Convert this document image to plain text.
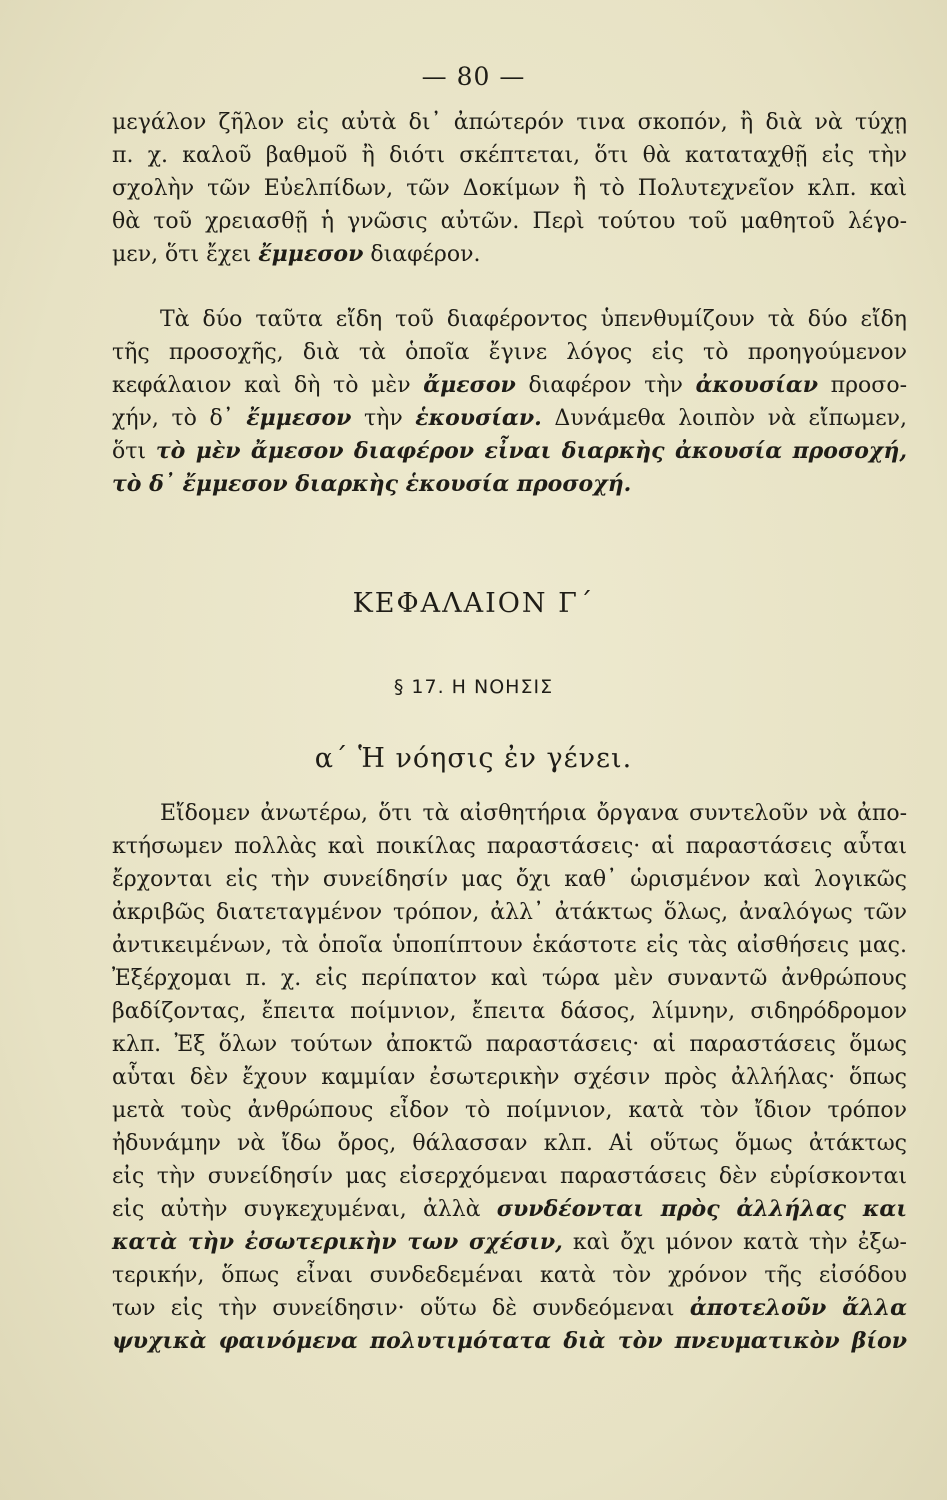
— 80 —
μεγάλον ζῆλον εἰς αὐτὰ δι᾽ ἀπώτερόν τινα σκοπόν, ἢ διὰ νὰ τύχῃ
π. χ. καλοῦ βαθμοῦ ἢ διότι σκέπτεται, ὅτι θὰ καταταχθῇ εἰς τὴν
σχολὴν τῶν Εὐελπίδων, τῶν Δοκίμων ἢ τὸ Πολυτεχνεῖον κλπ. καὶ
θὰ τοῦ χρειασθῇ ἡ γνῶσις αὐτῶν. Περὶ τούτου τοῦ μαθητοῦ λέγο-
μεν, ὅτι ἔχει ἔμμεσον διαφέρον.
Τὰ δύο ταῦτα εἴδη τοῦ διαφέροντος ὑπενθυμίζουν τὰ δύο εἴδη
τῆς προσοχῆς, διὰ τὰ ὁποῖα ἔγινε λόγος εἰς τὸ προηγούμενον
κεφάλαιον καὶ δὴ τὸ μὲν ἄμεσον διαφέρον τὴν ἀκουσίαν προσο-
χήν, τὸ δ᾽ ἔμμεσον τὴν ἑκουσίαν. Δυνάμεθα λοιπὸν νὰ εἴπωμεν,
ὅτι τὸ μὲν ἄμεσον διαφέρον εἶναι διαρκὴς ἀκουσία προσοχή,
τὸ δ᾽ ἔμμεσον διαρκὴς ἑκουσία προσοχή.
ΚΕΦΑΛΑΙΟΝ Γ΄
§ 17. Η ΝΟΗΣΙΣ
α΄ Ἡ νόησις ἐν γένει.
Εἴδομεν ἀνωτέρω, ὅτι τὰ αἰσθητήρια ὄργανα συντελοῦν νὰ ἀπο-
κτήσωμεν πολλὰς καὶ ποικίλας παραστάσεις· αἱ παραστάσεις αὗται
ἔρχονται εἰς τὴν συνείδησίν μας ὄχι καθ᾽ ὡρισμένον καὶ λογικῶς
ἀκριβῶς διατεταγμένον τρόπον, ἀλλ᾽ ἀτάκτως ὅλως, ἀναλόγως τῶν
ἀντικειμένων, τὰ ὁποῖα ὑποπίπτουν ἑκάστοτε εἰς τὰς αἰσθήσεις μας.
Ἐξέρχομαι π. χ. εἰς περίπατον καὶ τώρα μὲν συναντῶ ἀνθρώπους
βαδίζοντας, ἔπειτα ποίμνιον, ἔπειτα δάσος, λίμνην, σιδηρόδρομον
κλπ. Ἐξ ὅλων τούτων ἀποκτῶ παραστάσεις· αἱ παραστάσεις ὅμως
αὗται δὲν ἔχουν καμμίαν ἐσωτερικὴν σχέσιν πρὸς ἀλλήλας· ὅπως
μετὰ τοὺς ἀνθρώπους εἶδον τὸ ποίμνιον, κατὰ τὸν ἴδιον τρόπον
ἠδυνάμην νὰ ἴδω ὄρος, θάλασσαν κλπ. Αἱ οὕτως ὅμως ἀτάκτως
εἰς τὴν συνείδησίν μας εἰσερχόμεναι παραστάσεις δὲν εὑρίσκονται
εἰς αὐτὴν συγκεχυμέναι, ἀλλὰ συνδέονται πρὸς ἀλλήλας και
κατὰ τὴν ἐσωτερικὴν των σχέσιν, καὶ ὄχι μόνον κατὰ τὴν ἐξω-
τερικήν, ὅπως εἶναι συνδεδεμέναι κατὰ τὸν χρόνον τῆς εἰσόδου
των εἰς τὴν συνείδησιν· οὕτω δὲ συνδεόμεναι ἀποτελοῦν ἄλλα
ψυχικὰ φαινόμενα πολυτιμότατα διὰ τὸν πνευματικὸν βίον
